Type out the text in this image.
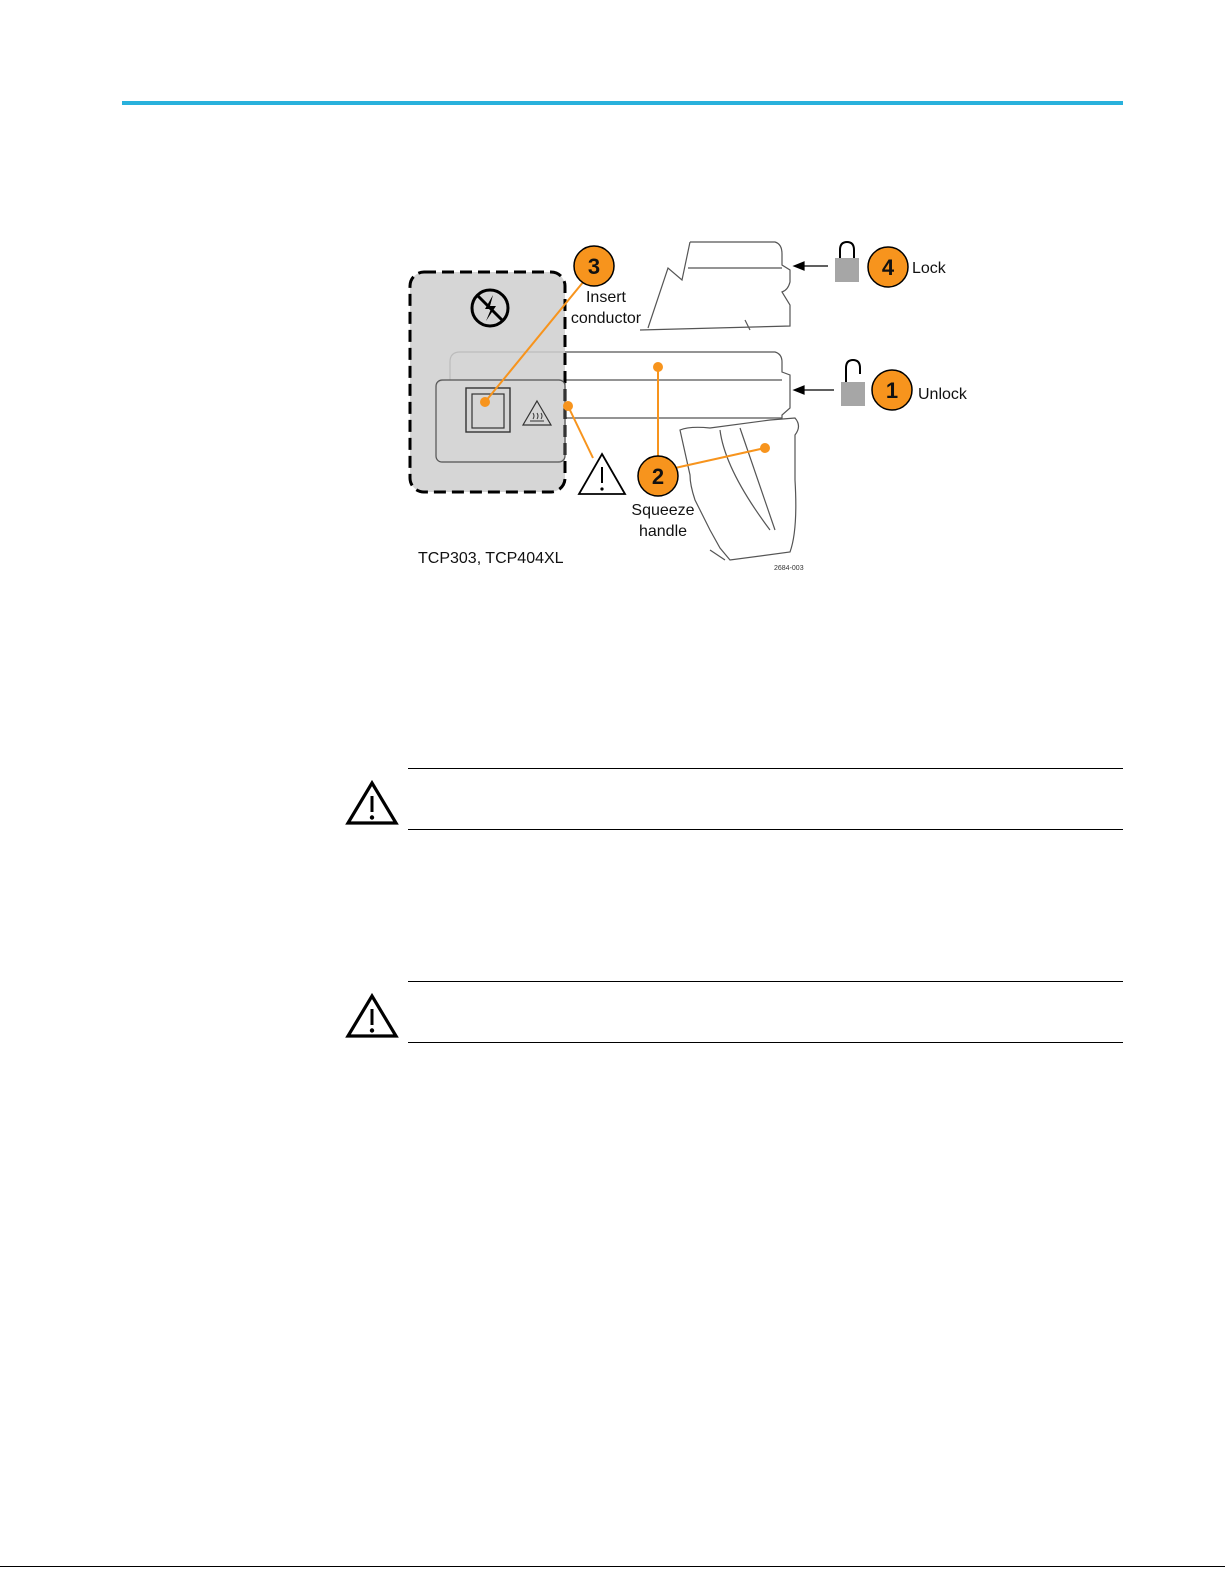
3
Insert
conductor
2
Squeeze
handle
4 Lock
1 Unlock
TCP303, TCP404XL
2684-003
